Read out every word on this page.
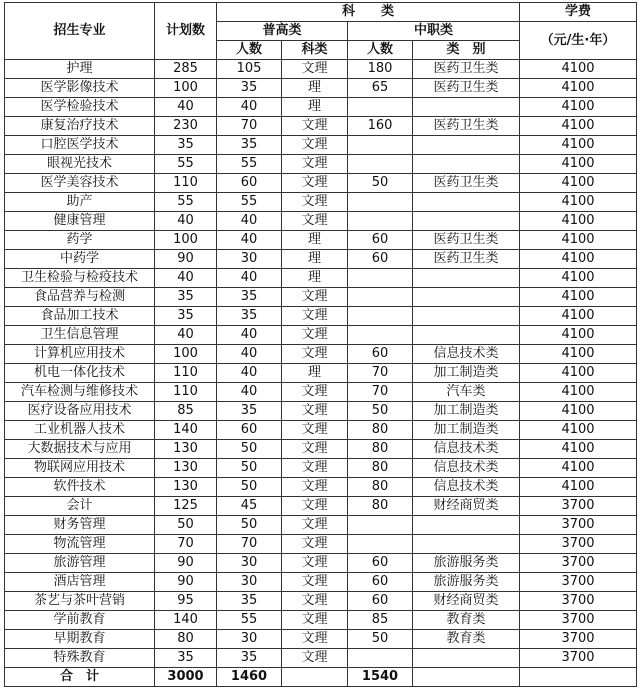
招生专业	计划数	科　　类				学费
		普高类		中职类		（元/生·年）
		人数	科类	人数	类　别	
护理	285	105	文理	180	医药卫生类	4100
医学影像技术	100	35	理	65	医药卫生类	4100
医学检验技术	40	40	理			4100
康复治疗技术	230	70	文理	160	医药卫生类	4100
口腔医学技术	35	35	文理			4100
眼视光技术	55	55	文理			4100
医学美容技术	110	60	文理	50	医药卫生类	4100
助产	55	55	文理			4100
健康管理	40	40	文理			4100
药学	100	40	理	60	医药卫生类	4100
中药学	90	30	理	60	医药卫生类	4100
卫生检验与检疫技术	40	40	理			4100
食品营养与检测	35	35	文理			4100
食品加工技术	35	35	文理			4100
卫生信息管理	40	40	文理			4100
计算机应用技术	100	40	文理	60	信息技术类	4100
机电一体化技术	110	40	理	70	加工制造类	4100
汽车检测与维修技术	110	40	文理	70	汽车类	4100
医疗设备应用技术	85	35	文理	50	加工制造类	4100
工业机器人技术	140	60	文理	80	加工制造类	4100
大数据技术与应用	130	50	文理	80	信息技术类	4100
物联网应用技术	130	50	文理	80	信息技术类	4100
软件技术	130	50	文理	80	信息技术类	4100
会计	125	45	文理	80	财经商贸类	3700
财务管理	50	50	文理			3700
物流管理	70	70	文理			3700
旅游管理	90	30	文理	60	旅游服务类	3700
酒店管理	90	30	文理	60	旅游服务类	3700
茶艺与茶叶营销	95	35	文理	60	财经商贸类	3700
学前教育	140	55	文理	85	教育类	3700
早期教育	80	30	文理	50	教育类	3700
特殊教育	35	35	文理			3700
合　计	3000	1460		1540		
